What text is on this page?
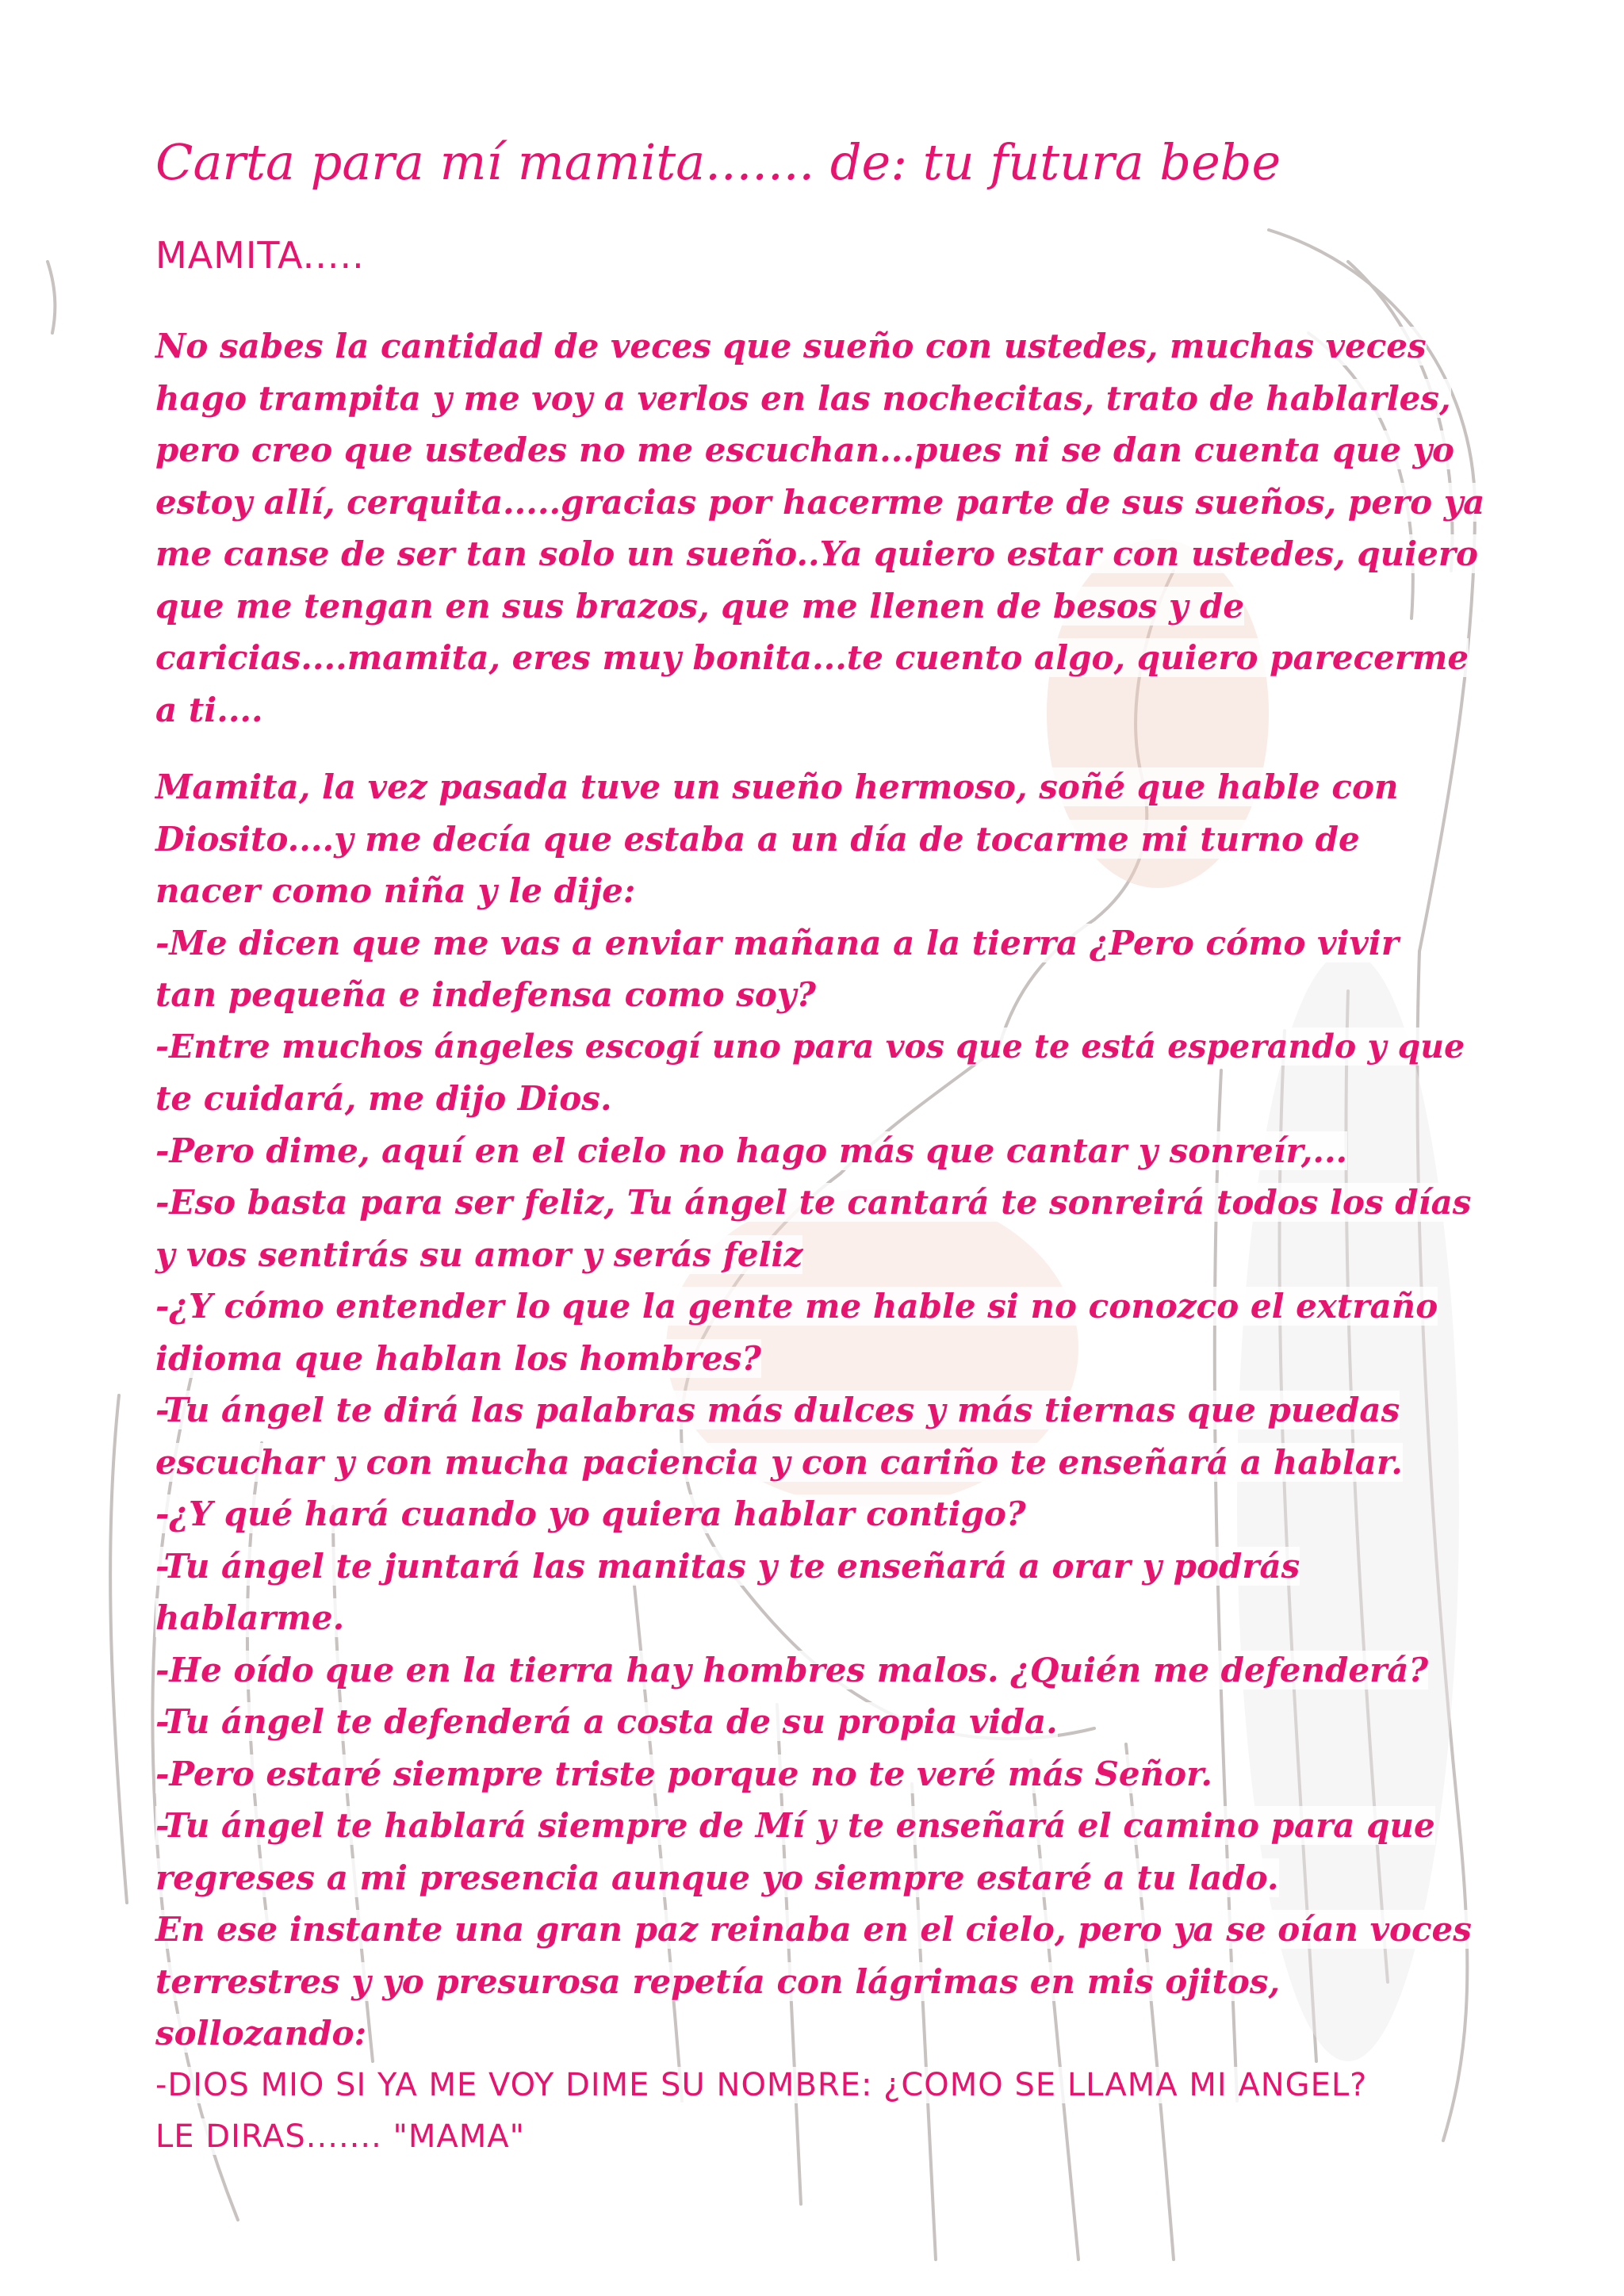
Carta para mí mamita....... de: tu futura bebe
MAMITA.....
No sabes la cantidad de veces que sueño con ustedes, muchas veces
hago trampita y me voy a verlos en las nochecitas, trato de hablarles,
pero creo que ustedes no me escuchan...pues ni se dan cuenta que yo
estoy allí, cerquita.....gracias por hacerme parte de sus sueños, pero ya
me canse de ser tan solo un sueño..Ya quiero estar con ustedes, quiero
que me tengan en sus brazos, que me llenen de besos y de
caricias....mamita, eres muy bonita...te cuento algo, quiero parecerme
a ti....
Mamita, la vez pasada tuve un sueño hermoso, soñé que hable con
Diosito....y me decía que estaba a un día de tocarme mi turno de
nacer como niña y le dije:
-Me dicen que me vas a enviar mañana a la tierra ¿Pero cómo vivir
tan pequeña e indefensa como soy?
-Entre muchos ángeles escogí uno para vos que te está esperando y que
te cuidará, me dijo Dios.
-Pero dime, aquí en el cielo no hago más que cantar y sonreír,...
-Eso basta para ser feliz, Tu ángel te cantará te sonreirá todos los días
y vos sentirás su amor y serás feliz
-¿Y cómo entender lo que la gente me hable si no conozco el extraño
idioma que hablan los hombres?
-Tu ángel te dirá las palabras más dulces y más tiernas que puedas
escuchar y con mucha paciencia y con cariño te enseñará a hablar.
-¿Y qué hará cuando yo quiera hablar contigo?
-Tu ángel te juntará las manitas y te enseñará a orar y podrás
hablarme.
-He oído que en la tierra hay hombres malos. ¿Quién me defenderá?
-Tu ángel te defenderá a costa de su propia vida.
-Pero estaré siempre triste porque no te veré más Señor.
-Tu ángel te hablará siempre de Mí y te enseñará el camino para que
regreses a mi presencia aunque yo siempre estaré a tu lado.
En ese instante una gran paz reinaba en el cielo, pero ya se oían voces
terrestres y yo presurosa repetía con lágrimas en mis ojitos,
sollozando:
-DIOS MIO SI YA ME VOY DIME SU NOMBRE: ¿COMO SE LLAMA MI ANGEL?
LE DIRAS....... "MAMA"
